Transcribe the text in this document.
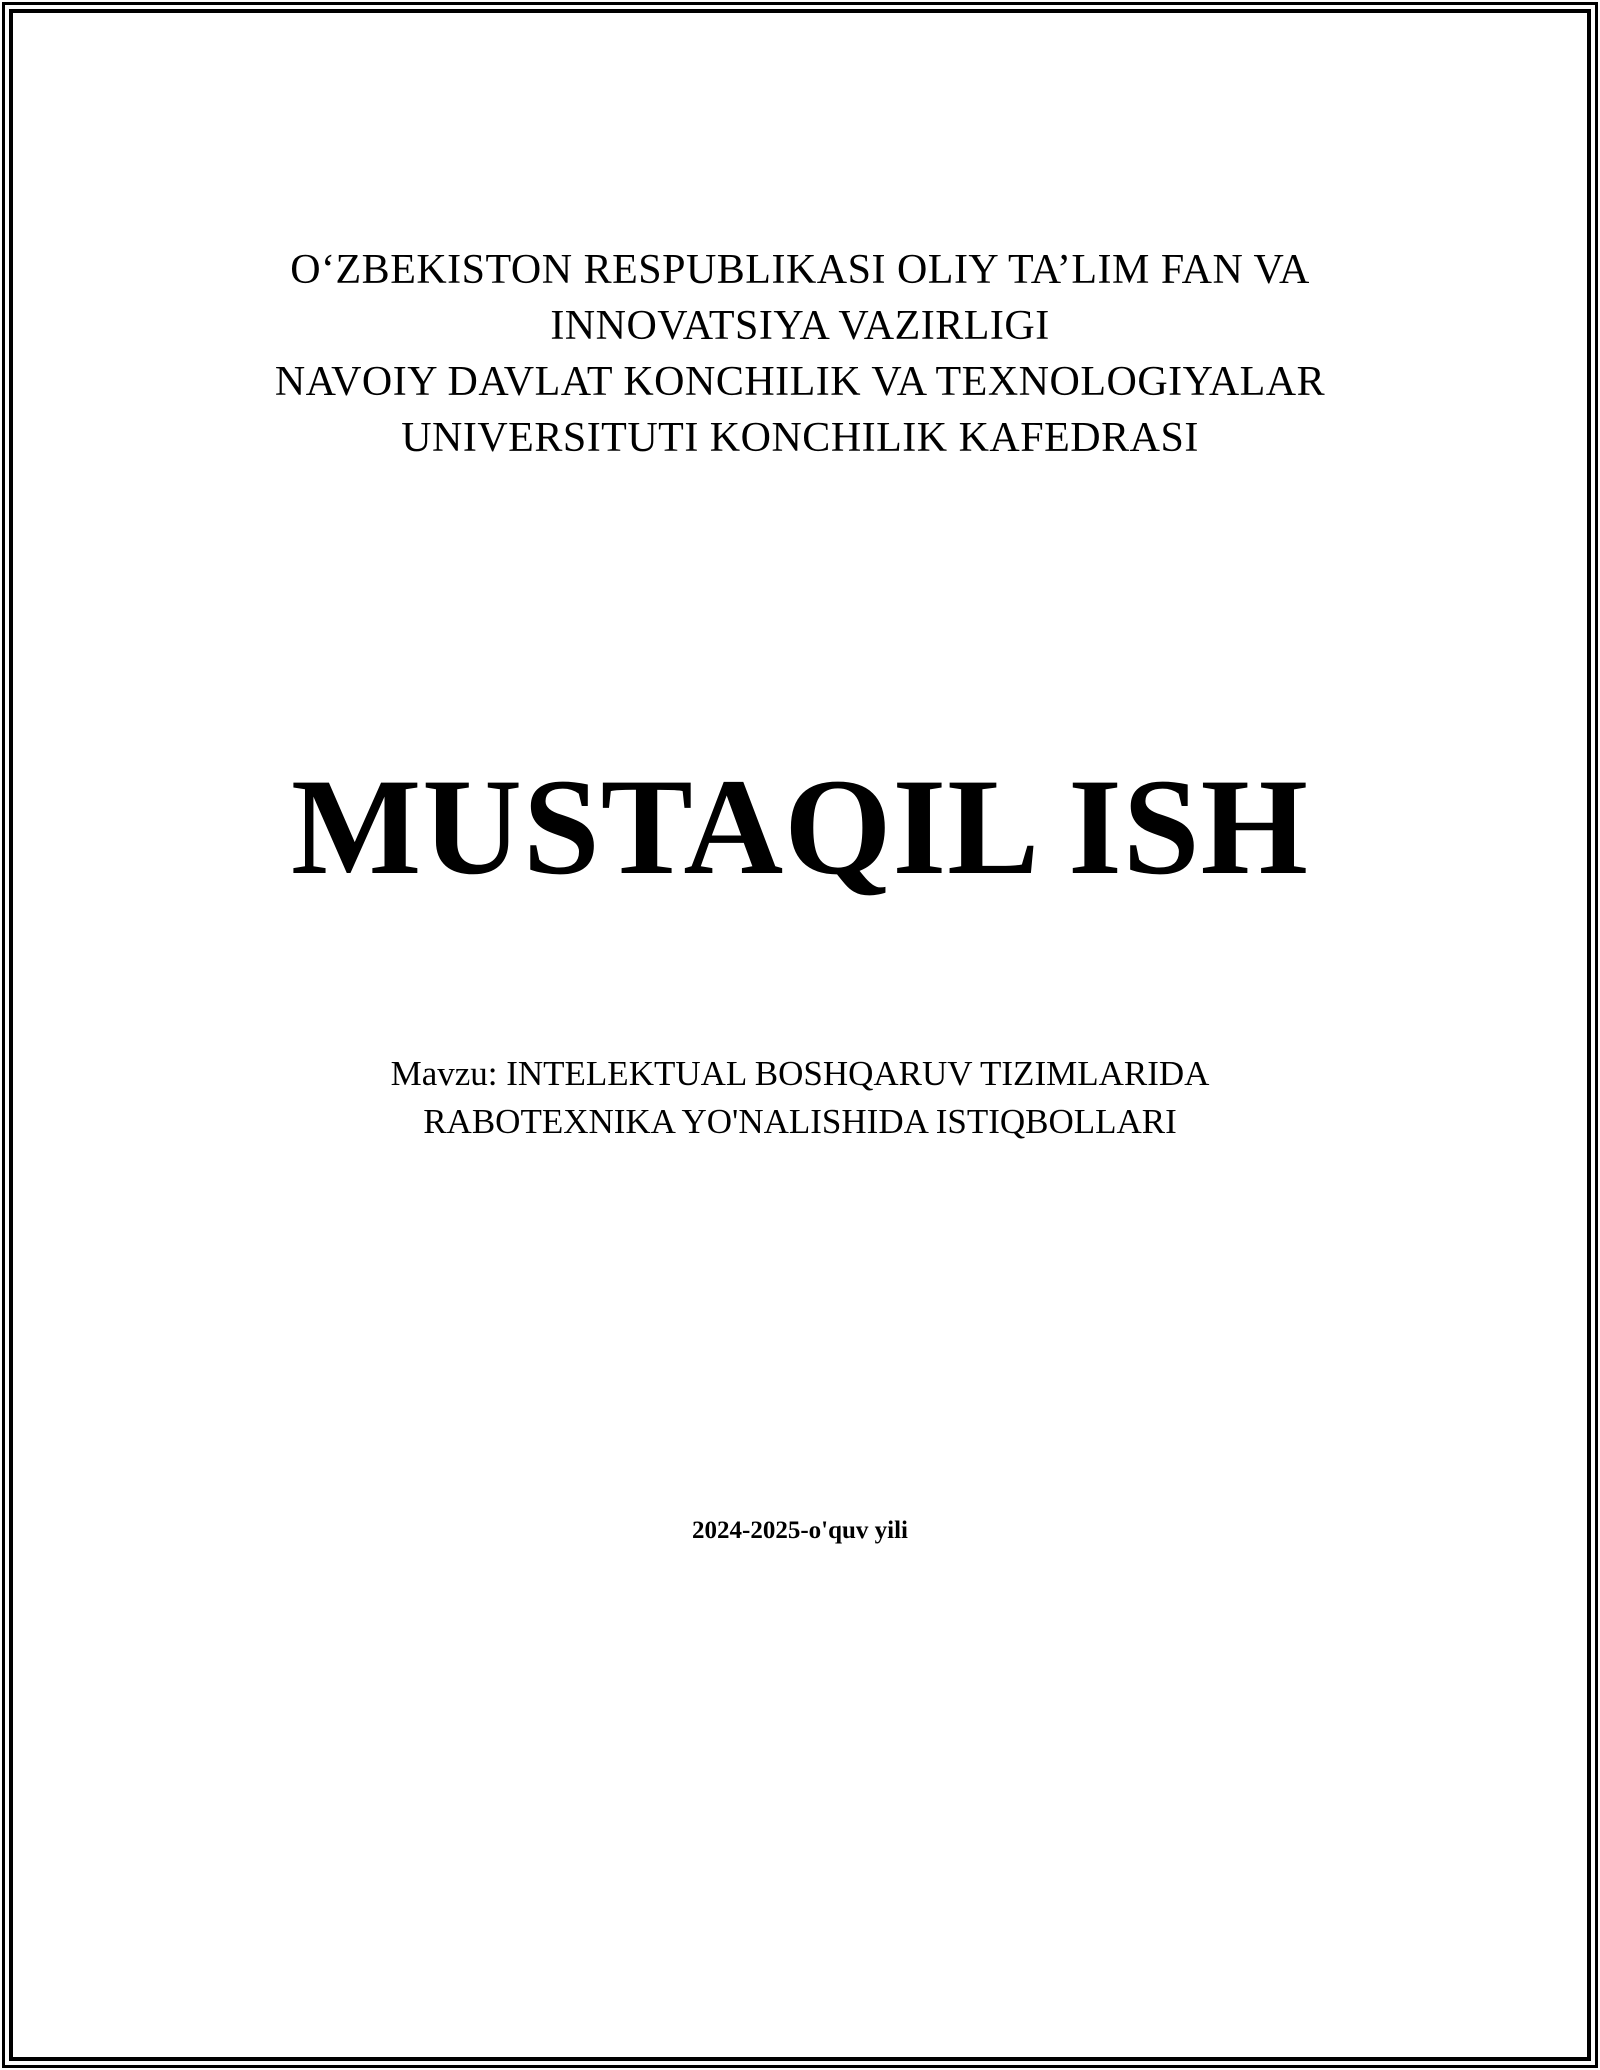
O‘ZBEKISTON RESPUBLIKASI OLIY TA’LIM FAN VA
INNOVATSIYA VAZIRLIGI
NAVOIY DAVLAT KONCHILIK VA TEXNOLOGIYALAR
UNIVERSITUTI KONCHILIK KAFEDRASI
MUSTAQIL ISH
Mavzu: INTELEKTUAL BOSHQARUV TIZIMLARIDA
RABOTEXNIKA YO'NALISHIDA ISTIQBOLLARI
2024-2025-o'quv yili
